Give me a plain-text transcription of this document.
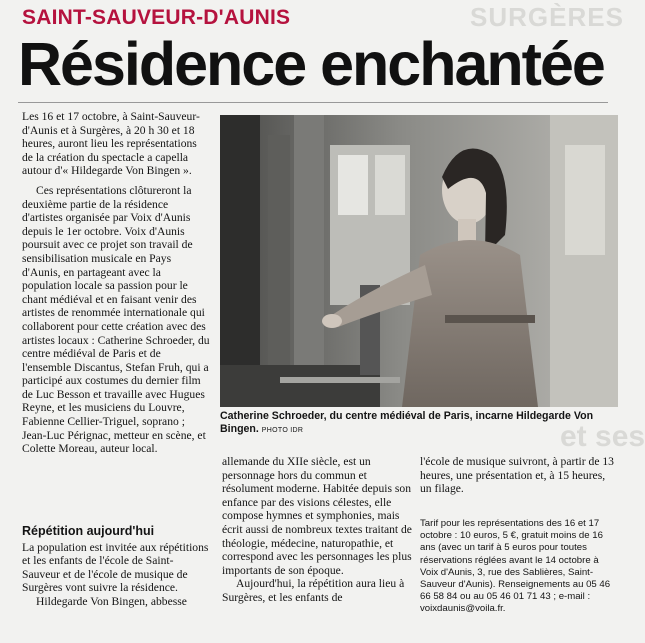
SURGÈRES
et ses
SAINT-SAUVEUR-D'AUNIS
Résidence enchantée

Les 16 et 17 octobre, à Saint-Sauveur-d'Aunis et à Surgères, à 20 h 30 et 18 heures, auront lieu les représentations de la création du spectacle a capella autour d'« Hildegarde Von Bingen ».

Ces représentations clôtureront la deuxième partie de la résidence d'artistes organisée par Voix d'Aunis depuis le 1er octobre. Voix d'Aunis poursuit avec ce projet son travail de sensibilisation musicale en Pays d'Aunis, en partageant avec la population locale sa passion pour le chant médiéval et en faisant venir des artistes de renommée internationale qui collaborent pour cette création avec des artistes locaux : Catherine Schroeder, du centre médiéval de Paris et de l'ensemble Discantus, Stefan Fruh, qui a participé aux costumes du dernier film de Luc Besson et travaille avec Hugues Reyne, et les musiciens du Louvre, Fabienne Cellier-Triguel, soprano ; Jean-Luc Pérignac, metteur en scène, et Colette Moreau, auteur local.

Répétition aujourd'hui

La population est invitée aux répétitions et les enfants de l'école de Saint-Sauveur et de l'école de musique de Surgères vont suivre la résidence.

Hildegarde Von Bingen, abbesse

Catherine Schroeder, du centre médiéval de Paris, incarne Hildegarde Von Bingen. PHOTO IDR

allemande du XIIe siècle, est un personnage hors du commun et résolument moderne. Habitée depuis son enfance par des visions célestes, elle compose hymnes et symphonies, mais écrit aussi de nombreux textes traitant de théologie, médecine, naturopathie, et correspond avec les personnages les plus importants de son époque.

Aujourd'hui, la répétition aura lieu à Surgères, et les enfants de

l'école de musique suivront, à partir de 13 heures, une présentation et, à 15 heures, un filage.

Tarif pour les représentations des 16 et 17 octobre : 10 euros, 5 €, gratuit moins de 16 ans (avec un tarif à 5 euros pour toutes réservations réglées avant le 14 octobre à Voix d'Aunis, 3, rue des Sablières, Saint-Sauveur d'Aunis). Renseignements au 05 46 66 58 84 ou au 05 46 01 71 43 ; e-mail : voixdaunis@voila.fr.
